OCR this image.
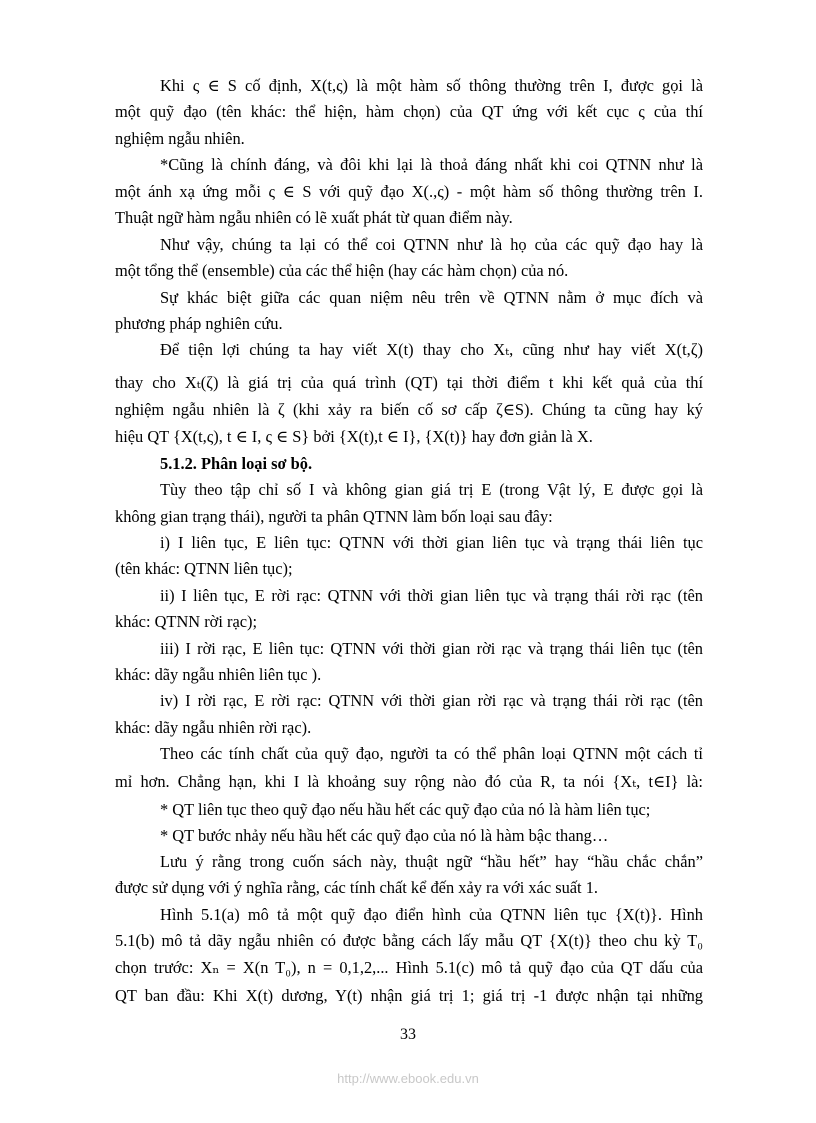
Khi ς ∈ S cố định, X(t,ς) là một hàm số thông thường trên I, được gọi là
một quỹ đạo (tên khác: thể hiện, hàm chọn) của QT ứng với kết cục ς của thí
nghiệm ngẫu nhiên.
*Cũng là chính đáng, và đôi khi lại là thoả đáng nhất khi coi QTNN như là
một ánh xạ ứng mỗi ς ∈ S với quỹ đạo X(.,ς) - một hàm số thông thường trên I.
Thuật ngữ hàm ngẫu nhiên có lẽ xuất phát từ quan điểm này.
Như vậy, chúng ta lại có thể coi QTNN như là họ của các quỹ đạo hay là
một tổng thể (ensemble) của các thể hiện (hay các hàm chọn) của nó.
Sự khác biệt giữa các quan niệm nêu trên về QTNN nằm ở mục đích và
phương pháp nghiên cứu.
Để tiện lợi chúng ta hay viết X(t) thay cho Xₜ, cũng như hay viết X(t,ζ)
thay cho Xₜ(ζ) là giá trị của quá trình (QT) tại thời điểm t khi kết quả của thí
nghiệm ngẫu nhiên là ζ (khi xảy ra biến cố sơ cấp ζ∈S). Chúng ta cũng hay ký
hiệu QT {X(t,ς), t ∈ I, ς ∈ S} bởi {X(t),t ∈ I}, {X(t)} hay đơn giản là X.
5.1.2. Phân loại sơ bộ.
Tùy theo tập chỉ số I và không gian giá trị E (trong Vật lý, E được gọi là
không gian trạng thái), người ta phân QTNN làm bốn loại sau đây:
i) I liên tục, E liên tục: QTNN với thời gian liên tục và trạng thái liên tục
(tên khác: QTNN liên tục);
ii) I liên tục, E rời rạc: QTNN với thời gian liên tục và trạng thái rời rạc (tên
khác: QTNN rời rạc);
iii) I rời rạc, E liên tục: QTNN với thời gian rời rạc và trạng thái liên tục (tên
khác: dãy ngẫu nhiên liên tục ).
iv) I rời rạc, E rời rạc: QTNN với thời gian rời rạc và trạng thái rời rạc (tên
khác: dãy ngẫu nhiên rời rạc).
Theo các tính chất của quỹ đạo, người ta có thể phân loại QTNN một cách tỉ
mỉ hơn. Chẳng hạn, khi I là khoảng suy rộng nào đó của R, ta nói {Xₜ, t∈I} là:
* QT liên tục theo quỹ đạo nếu hầu hết các quỹ đạo của nó là hàm liên tục;
* QT bước nhảy nếu hầu hết các quỹ đạo của nó là hàm bậc thang…
Lưu ý rằng trong cuốn sách này, thuật ngữ “hầu hết” hay “hầu chắc chắn”
được sử dụng với ý nghĩa rằng, các tính chất kể đến xảy ra với xác suất 1.
Hình 5.1(a) mô tả một quỹ đạo điển hình của QTNN liên tục {X(t)}. Hình
5.1(b) mô tả dãy ngẫu nhiên có được bằng cách lấy mẫu QT {X(t)} theo chu kỳ T₀
chọn trước: Xₙ = X(n T₀), n = 0,1,2,... Hình 5.1(c) mô tả quỹ đạo của QT dấu của
QT ban đầu: Khi X(t) dương, Y(t) nhận giá trị 1; giá trị -1 được nhận tại những
33
http://www.ebook.edu.vn
